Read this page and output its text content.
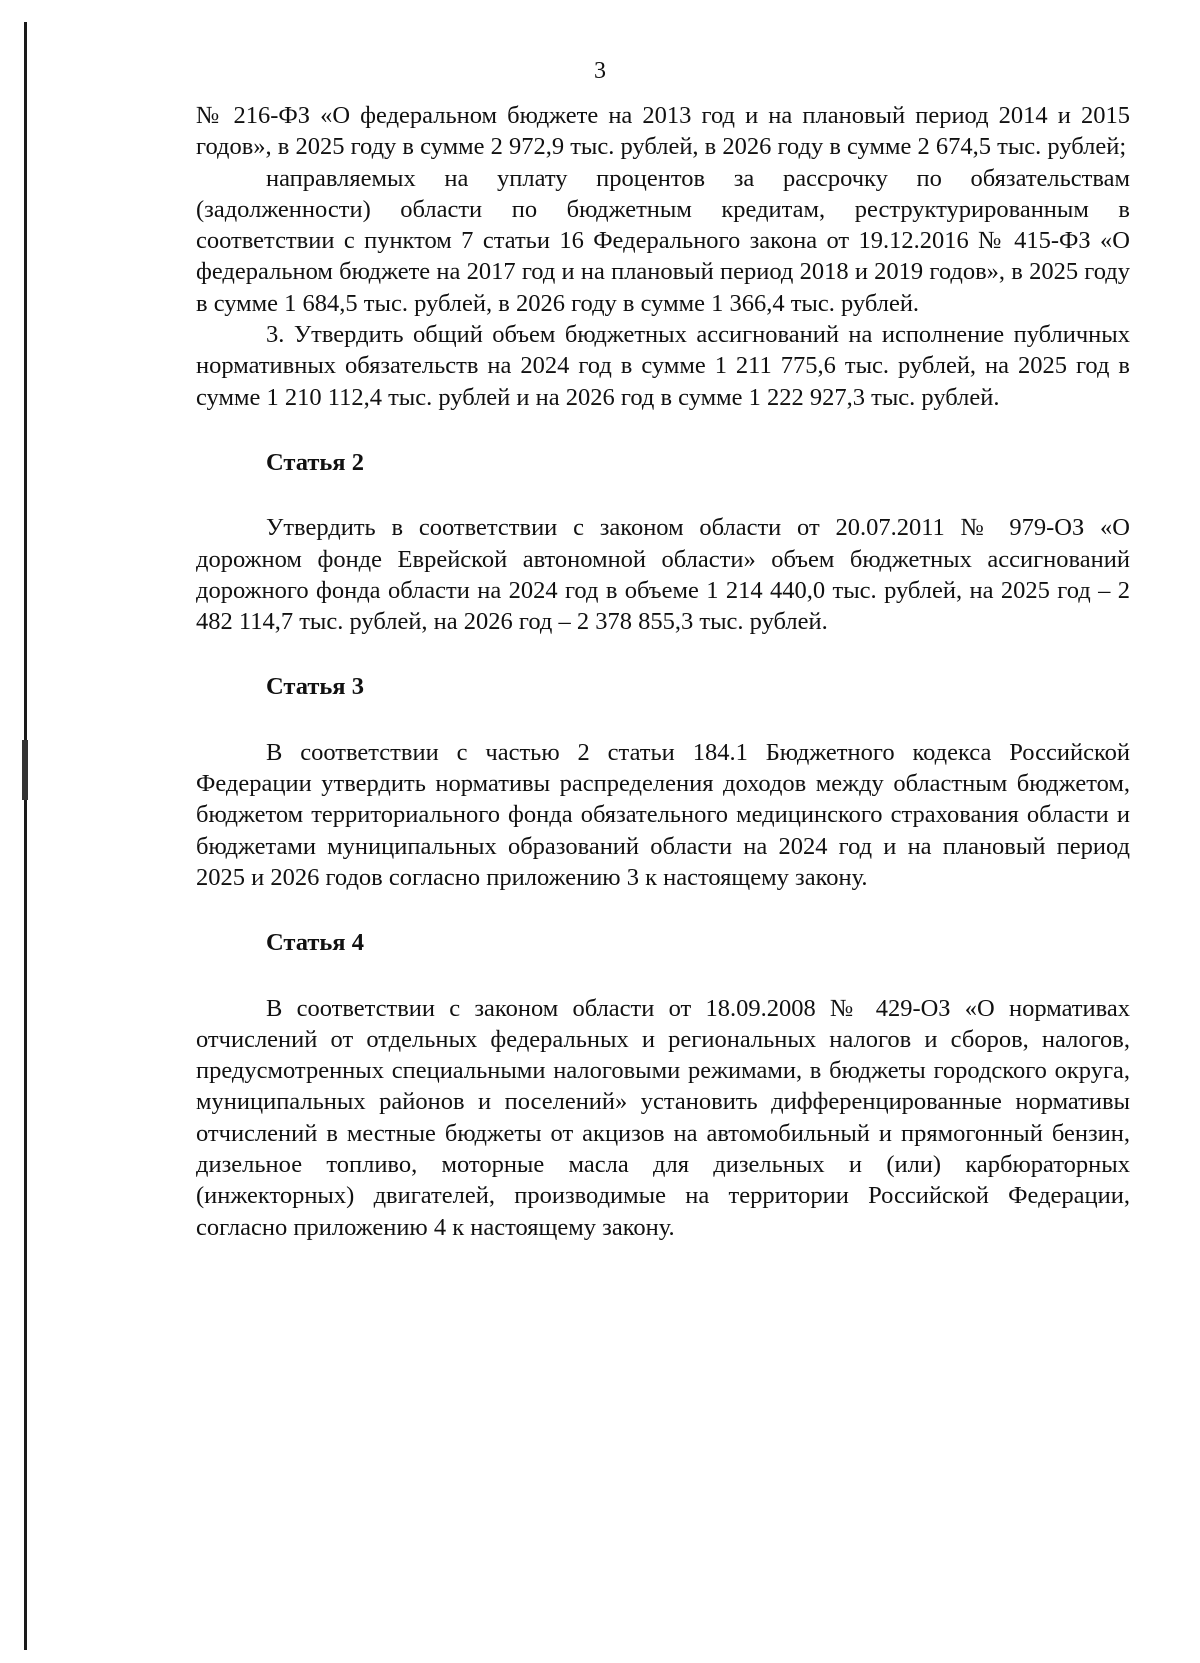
3

№ 216-ФЗ «О федеральном бюджете на 2013 год и на плановый период 2014 и 2015 годов», в 2025 году в сумме 2 972,9 тыс. рублей, в 2026 году в сумме 2 674,5 тыс. рублей;

направляемых на уплату процентов за рассрочку по обязательствам (задолженности) области по бюджетным кредитам, реструктурированным в соответствии с пунктом 7 статьи 16 Федерального закона от 19.12.2016 № 415-ФЗ «О федеральном бюджете на 2017 год и на плановый период 2018 и 2019 годов», в 2025 году в сумме 1 684,5 тыс. рублей, в 2026 году в сумме 1 366,4 тыс. рублей.

3. Утвердить общий объем бюджетных ассигнований на исполнение публичных нормативных обязательств на 2024 год в сумме 1 211 775,6 тыс. рублей, на 2025 год в сумме 1 210 112,4 тыс. рублей и на 2026 год в сумме 1 222 927,3 тыс. рублей.

Статья 2

Утвердить в соответствии с законом области от 20.07.2011 № 979-ОЗ «О дорожном фонде Еврейской автономной области» объем бюджетных ассигнований дорожного фонда области на 2024 год в объеме 1 214 440,0 тыс. рублей, на 2025 год – 2 482 114,7 тыс. рублей, на 2026 год – 2 378 855,3 тыс. рублей.

Статья 3

В соответствии с частью 2 статьи 184.1 Бюджетного кодекса Российской Федерации утвердить нормативы распределения доходов между областным бюджетом, бюджетом территориального фонда обязательного медицинского страхования области и бюджетами муниципальных образований области на 2024 год и на плановый период 2025 и 2026 годов согласно приложению 3 к настоящему закону.

Статья 4

В соответствии с законом области от 18.09.2008 № 429-ОЗ «О нормативах отчислений от отдельных федеральных и региональных налогов и сборов, налогов, предусмотренных специальными налоговыми режимами, в бюджеты городского округа, муниципальных районов и поселений» установить дифференцированные нормативы отчислений в местные бюджеты от акцизов на автомобильный и прямогонный бензин, дизельное топливо, моторные масла для дизельных и (или) карбюраторных (инжекторных) двигателей, производимые на территории Российской Федерации, согласно приложению 4 к настоящему закону.
